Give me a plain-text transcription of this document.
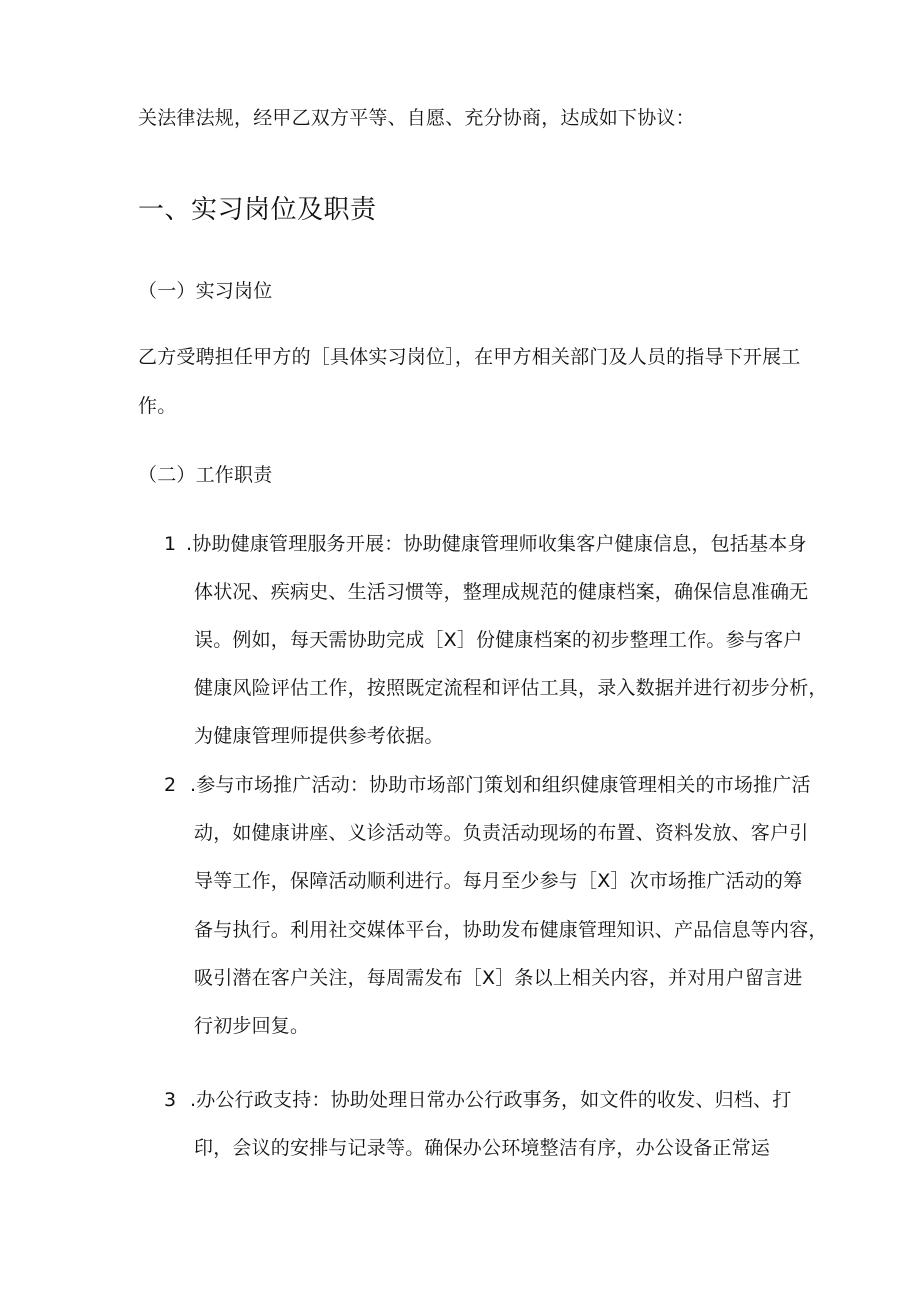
关法律法规，经甲乙双方平等、自愿、充分协商，达成如下协议：
一、实习岗位及职责
（一）实习岗位
乙方受聘担任甲方的［具体实习岗位］，在甲方相关部门及人员的指导下开展工
作。
（二）工作职责
1 .协助健康管理服务开展：协助健康管理师收集客户健康信息，包括基本身
体状况、疾病史、生活习惯等，整理成规范的健康档案，确保信息准确无
误。例如，每天需协助完成［X］份健康档案的初步整理工作。参与客户
健康风险评估工作，按照既定流程和评估工具，录入数据并进行初步分析，
为健康管理师提供参考依据。
2 .参与市场推广活动：协助市场部门策划和组织健康管理相关的市场推广活
动，如健康讲座、义诊活动等。负责活动现场的布置、资料发放、客户引
导等工作，保障活动顺利进行。每月至少参与［X］次市场推广活动的筹
备与执行。利用社交媒体平台，协助发布健康管理知识、产品信息等内容，
吸引潜在客户关注，每周需发布［X］条以上相关内容，并对用户留言进
行初步回复。
3 .办公行政支持：协助处理日常办公行政事务，如文件的收发、归档、打
印，会议的安排与记录等。确保办公环境整洁有序，办公设备正常运
